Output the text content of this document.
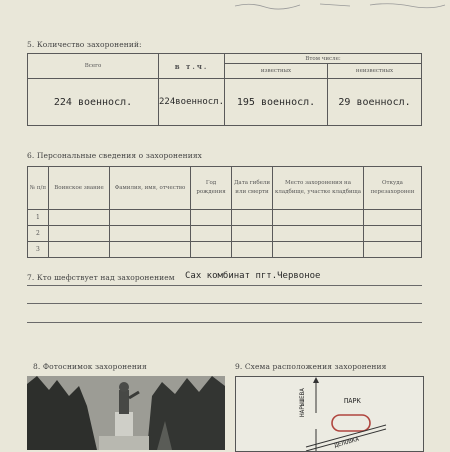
5. Количество захоронений:
Всего	в т.ч.	Втом числе:	
		известных	неизвестных
224 военносл.	224военносл.	195 военносл.	29 военносл.
6. Персональные сведения о захоронениях
№ п/п	Воинское звание	Фамилия, имя, отчество	Год рождения	Дата гибели или смерти	Место захоронения на кладбище, участке кладбища	Откуда перезахоронен
1						
2						
3						
7. Кто шефствует над захоронением Сах комбинат пгт.Червоное
8. Фотоснимок захоронения	9. Схема расположения захоронения
ПАРК
НАРЫШЕВА
ДЕЛОВКА
